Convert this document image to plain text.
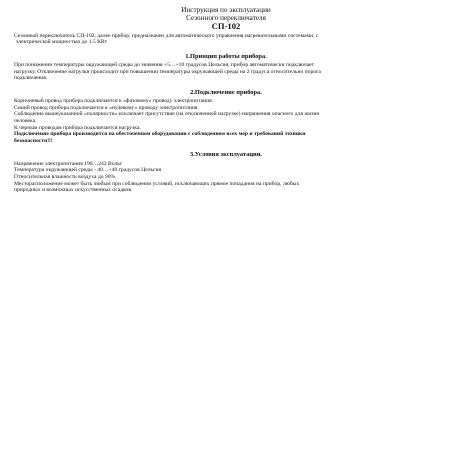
Инструкция по эксплуатации
Сезонного переключателя
СП-102
Сезонный переключатель СП-102, далее прибор, предназначен для автоматического управления нагревательными системами, с
электрической мощностью до 1.5 КВт
1.Принцип работы прибора.
При понижении температуры окружающей среды до значения +5…+10 градусов Цельсия, прибор автоматически подключает
нагрузку. Отключение нагрузки происходит при повышении температуры окружающей среды на 2 градуса относительно порога
подключения.
2.Подключение прибора.
Коричневый провод прибора подключается к «фазовому» проводу электропитания.
Синий провод прибора подключается к «нулевому» проводу электропитания.
Соблюдение вышеуказанной «полярности» исключает присутствие (на отключенной нагрузке) напряжения опасного для жизни
человека.
К черным проводам прибора подключается нагрузка.
Подключение прибора производится на обесточенном оборудовании с соблюдением всех мер и требований техники
безопасности!!!
3.Условия эксплуатации.
Напряжение электропитания 198…242 Вольт
Температура окружающей среды - 40…+40 градусов Цельсия
Относительная влажность воздуха до 90%
Месторасположение может быть любым при соблюдении условий, исключающих прямое попадания на прибор, любых
природных и возможных искусственных осадков.
